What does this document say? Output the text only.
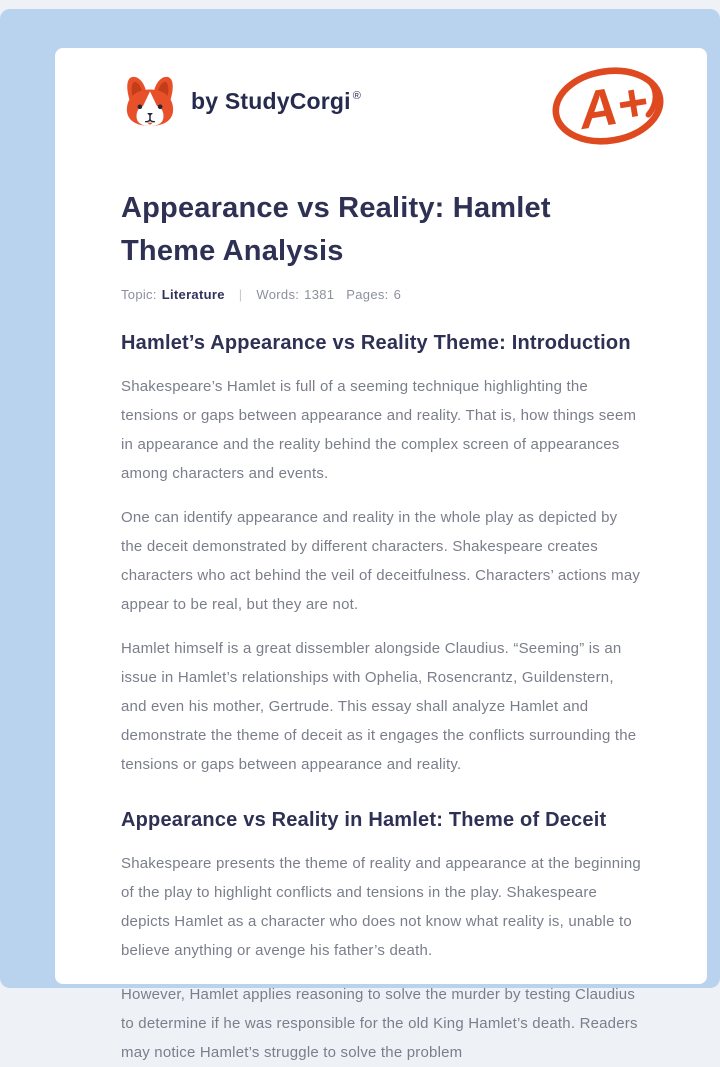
by StudyCorgi ®	A+
Appearance vs Reality: Hamlet Theme Analysis
Topic: Literature | Words: 1381 Pages: 6
Hamlet’s Appearance vs Reality Theme: Introduction

Shakespeare’s Hamlet is full of a seeming technique highlighting the tensions or gaps between appearance and reality. That is, how things seem in appearance and the reality behind the complex screen of appearances among characters and events.

One can identify appearance and reality in the whole play as depicted by the deceit demonstrated by different characters. Shakespeare creates characters who act behind the veil of deceitfulness. Characters’ actions may appear to be real, but they are not.

Hamlet himself is a great dissembler alongside Claudius. “Seeming” is an issue in Hamlet’s relationships with Ophelia, Rosencrantz, Guildenstern, and even his mother, Gertrude. This essay shall analyze Hamlet and demonstrate the theme of deceit as it engages the conflicts surrounding the tensions or gaps between appearance and reality.

Appearance vs Reality in Hamlet: Theme of Deceit

Shakespeare presents the theme of reality and appearance at the beginning of the play to highlight conflicts and tensions in the play. Shakespeare depicts Hamlet as a character who does not know what reality is, unable to believe anything or avenge his father’s death.

However, Hamlet applies reasoning to solve the murder by testing Claudius to determine if he was responsible for the old King Hamlet’s death. Readers may notice Hamlet’s struggle to solve the problem
